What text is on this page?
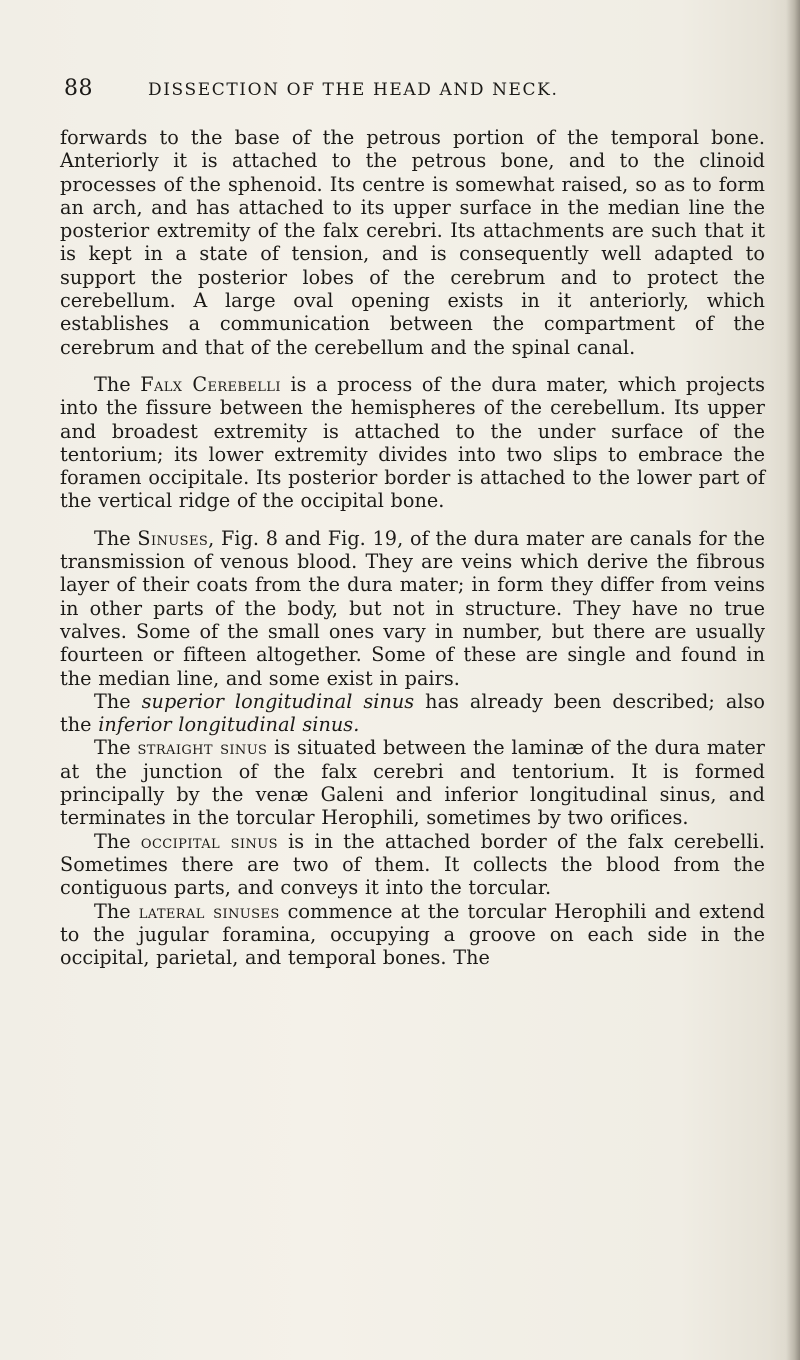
88	DISSECTION OF THE HEAD AND NECK.

forwards to the base of the petrous portion of the temporal bone. Anteriorly it is attached to the petrous bone, and to the clinoid processes of the sphenoid. Its centre is somewhat raised, so as to form an arch, and has attached to its upper surface in the median line the posterior extremity of the falx cerebri. Its attachments are such that it is kept in a state of tension, and is consequently well adapted to support the posterior lobes of the cerebrum and to protect the cerebellum. A large oval opening exists in it anteriorly, which establishes a communication between the compartment of the cerebrum and that of the cerebellum and the spinal canal.

The Falx Cerebelli is a process of the dura mater, which projects into the fissure between the hemispheres of the cerebellum. Its upper and broadest extremity is attached to the under surface of the tentorium; its lower extremity divides into two slips to embrace the foramen occipitale. Its posterior border is attached to the lower part of the vertical ridge of the occipital bone.

The Sinuses, Fig. 8 and Fig. 19, of the dura mater are canals for the transmission of venous blood. They are veins which derive the fibrous layer of their coats from the dura mater; in form they differ from veins in other parts of the body, but not in structure. They have no true valves. Some of the small ones vary in number, but there are usually fourteen or fifteen altogether. Some of these are single and found in the median line, and some exist in pairs.

The superior longitudinal sinus has already been described; also the inferior longitudinal sinus.

The straight sinus is situated between the laminæ of the dura mater at the junction of the falx cerebri and tentorium. It is formed principally by the venæ Galeni and inferior longitudinal sinus, and terminates in the torcular Herophili, sometimes by two orifices.

The occipital sinus is in the attached border of the falx cerebelli. Sometimes there are two of them. It collects the blood from the contiguous parts, and conveys it into the torcular.

The lateral sinuses commence at the torcular Herophili and extend to the jugular foramina, occupying a groove on each side in the occipital, parietal, and temporal bones. The
